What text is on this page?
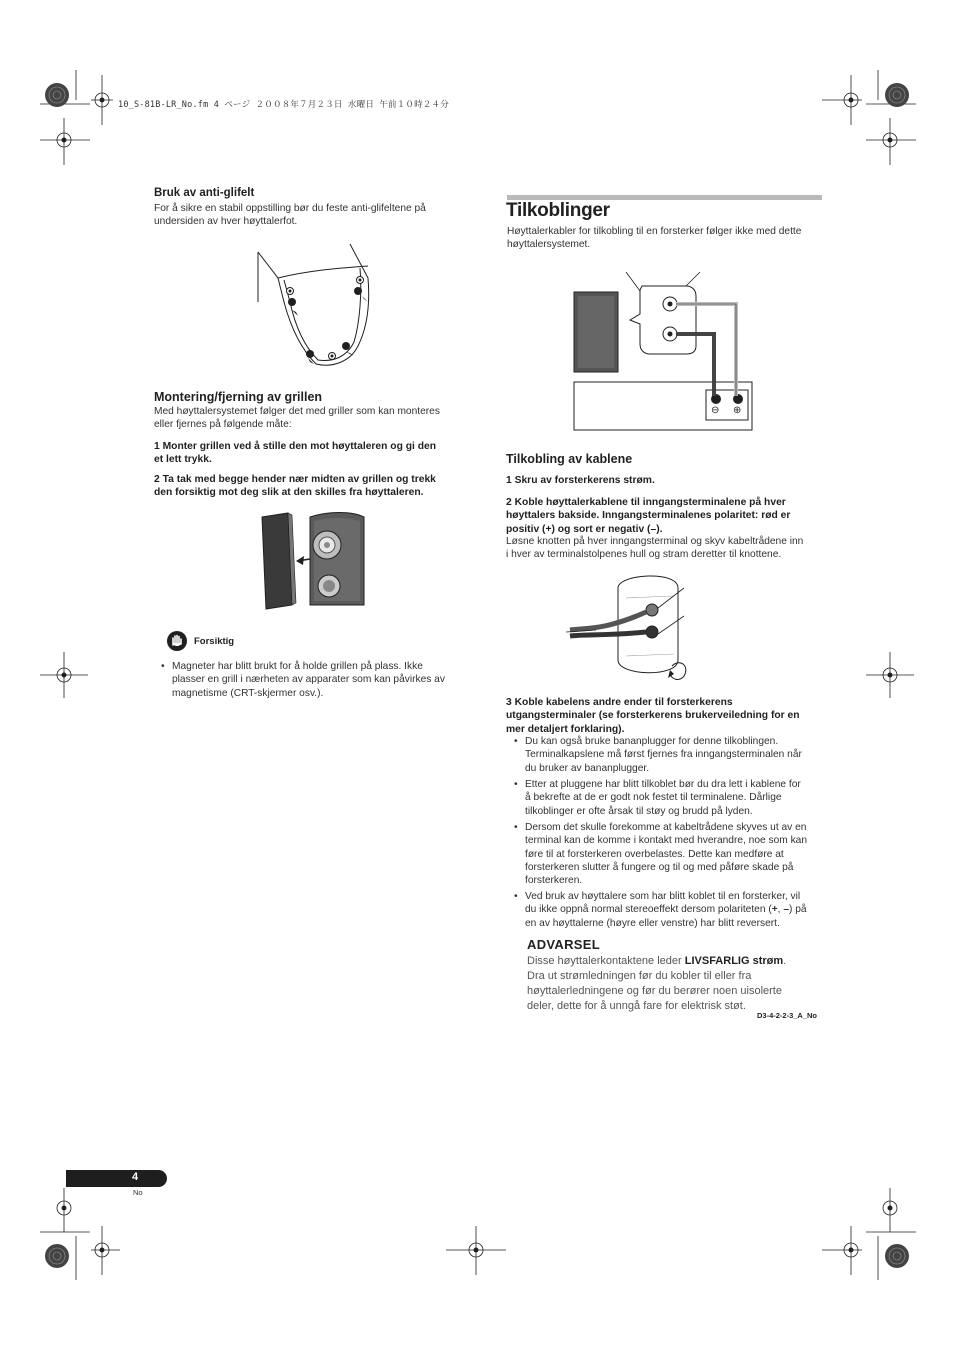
10_S-81B-LR_No.fm 4 ページ ２００８年７月２３日 水曜日 午前１０時２４分
Bruk av anti-glifelt
For å sikre en stabil oppstilling bør du feste anti-glifeltene på
undersiden av hver høyttalerfot.
Montering/fjerning av grillen
Med høyttalersystemet følger det med griller som kan monteres
eller fjernes på følgende måte:
1 Monter grillen ved å stille den mot høyttaleren og gi den
et lett trykk.
2 Ta tak med begge hender nær midten av grillen og trekk
den forsiktig mot deg slik at den skilles fra høyttaleren.
Forsiktig
• Magneter har blitt brukt for å holde grillen på plass. Ikke
plasser en grill i nærheten av apparater som kan påvirkes av
magnetisme (CRT-skjermer osv.).
Tilkoblinger
Høyttalerkabler for tilkobling til en forsterker følger ikke med dette
høyttalersystemet.
⊖ ⊕
Tilkobling av kablene
1 Skru av forsterkerens strøm.
2 Koble høyttalerkablene til inngangsterminalene på hver
høyttalers bakside. Inngangsterminalenes polaritet: rød er
positiv (+) og sort er negativ (–).
Løsne knotten på hver inngangsterminal og skyv kabeltrådene inn
i hver av terminalstolpenes hull og stram deretter til knottene.
3 Koble kabelens andre ender til forsterkerens
utgangsterminaler (se forsterkerens brukerveiledning for en
mer detaljert forklaring).
• Du kan også bruke bananplugger for denne tilkoblingen.
Terminalkapslene må først fjernes fra inngangsterminalen når
du bruker av bananplugger.
• Etter at pluggene har blitt tilkoblet bør du dra lett i kablene for
å bekrefte at de er godt nok festet til terminalene. Dårlige
tilkoblinger er ofte årsak til støy og brudd på lyden.
• Dersom det skulle forekomme at kabeltrådene skyves ut av en
terminal kan de komme i kontakt med hverandre, noe som kan
føre til at forsterkeren overbelastes. Dette kan medføre at
forsterkeren slutter å fungere og til og med påføre skade på
forsterkeren.
• Ved bruk av høyttalere som har blitt koblet til en forsterker, vil
du ikke oppnå normal stereoeffekt dersom polariteten (+, –) på
en av høyttalerne (høyre eller venstre) har blitt reversert.
ADVARSEL
Disse høyttalerkontaktene leder LIVSFARLIG strøm.
Dra ut strømledningen før du kobler til eller fra
høyttalerledningene og før du berører noen uisolerte
deler, dette for å unngå fare for elektrisk støt.
D3-4-2-2-3_A_No
4
No
